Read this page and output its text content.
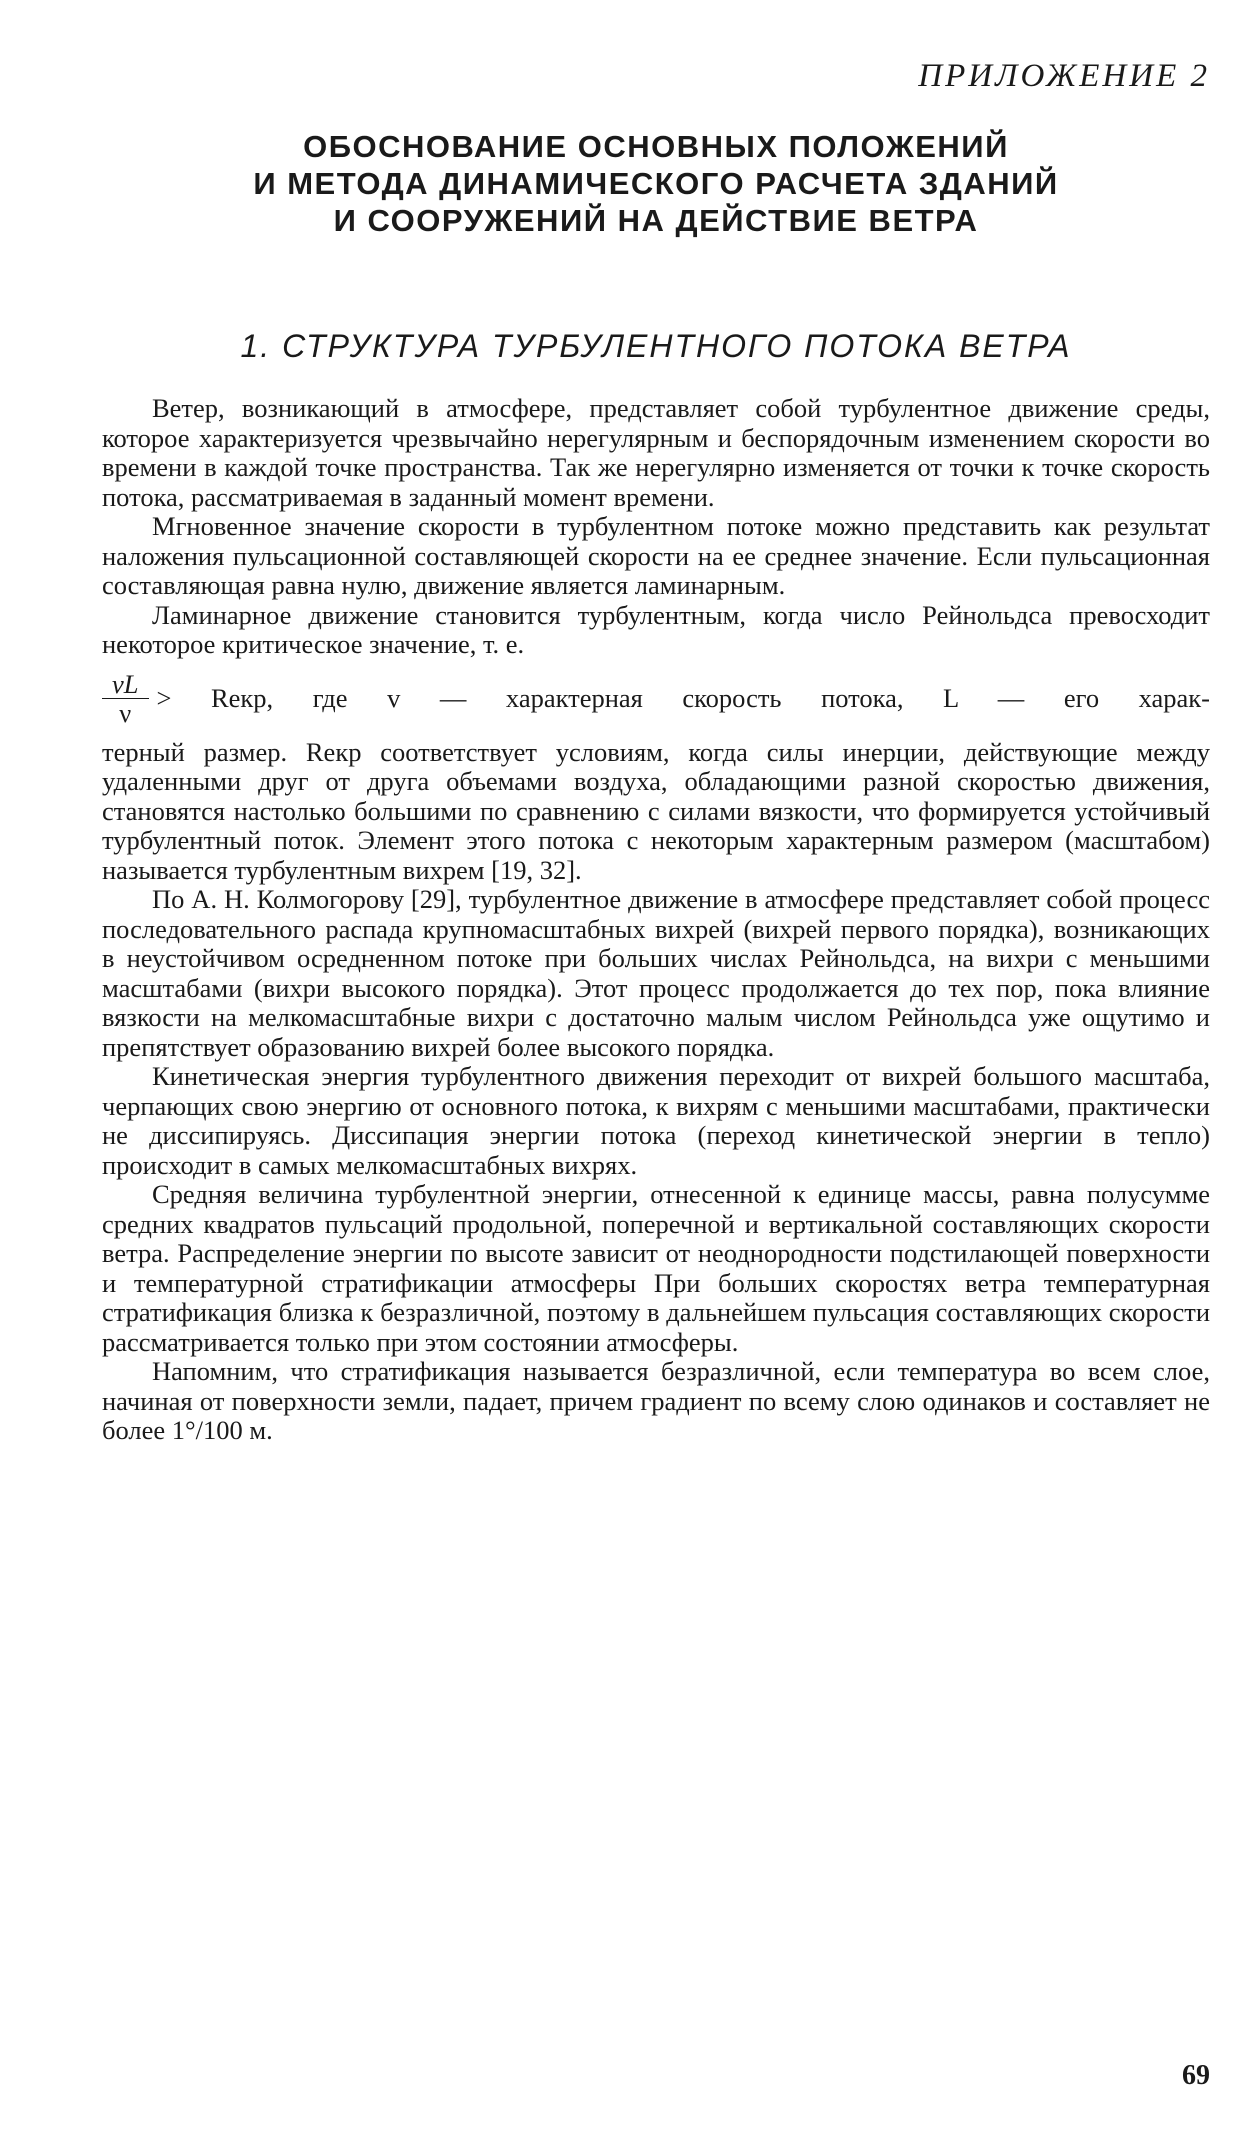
ПРИЛОЖЕНИЕ 2
ОБОСНОВАНИЕ ОСНОВНЫХ ПОЛОЖЕНИЙ
И МЕТОДА ДИНАМИЧЕСКОГО РАСЧЕТА ЗДАНИЙ
И СООРУЖЕНИЙ НА ДЕЙСТВИЕ ВЕТРА
1. СТРУКТУРА ТУРБУЛЕНТНОГО ПОТОКА ВЕТРА

Ветер, возникающий в атмосфере, представляет собой турбулентное движение среды, которое характеризуется чрезвычайно нерегулярным и беспорядочным изменением скорости во времени в каждой точке пространства. Так же нерегулярно изменяется от точки к точке скорость потока, рассматриваемая в заданный момент времени.

Мгновенное значение скорости в турбулентном потоке можно представить как результат наложения пульсационной составляющей скорости на ее среднее значение. Если пульсационная составляющая равна нулю, движение является ламинарным.

Ламинарное движение становится турбулентным, когда число Рейнольдса превосходит некоторое критическое значение, т. е.

$\frac{vL}{\nu}$ > Reкр, где v — характерная скорость потока, L — его харак-

терный размер. Reкр соответствует условиям, когда силы инерции, действующие между удаленными друг от друга объемами воздуха, обладающими разной скоростью движения, становятся настолько большими по сравнению с силами вязкости, что формируется устойчивый турбулентный поток. Элемент этого потока с некоторым характерным размером (масштабом) называется турбулентным вихрем [19, 32].

По А. Н. Колмогорову [29], турбулентное движение в атмосфере представляет собой процесс последовательного распада крупномасштабных вихрей (вихрей первого порядка), возникающих в неустойчивом осредненном потоке при больших числах Рейнольдса, на вихри с меньшими масштабами (вихри высокого порядка). Этот процесс продолжается до тех пор, пока влияние вязкости на мелкомасштабные вихри с достаточно малым числом Рейнольдса уже ощутимо и препятствует образованию вихрей более высокого порядка.

Кинетическая энергия турбулентного движения переходит от вихрей большого масштаба, черпающих свою энергию от основного потока, к вихрям с меньшими масштабами, практически не диссипируясь. Диссипация энергии потока (переход кинетической энергии в тепло) происходит в самых мелкомасштабных вихрях.

Средняя величина турбулентной энергии, отнесенной к единице массы, равна полусумме средних квадратов пульсаций продольной, поперечной и вертикальной составляющих скорости ветра. Распределение энергии по высоте зависит от неоднородности подстилающей поверхности и температурной стратификации атмосферы При больших скоростях ветра температурная стратификация близка к безразличной, поэтому в дальнейшем пульсация составляющих скорости рассматривается только при этом состоянии атмосферы.

Напомним, что стратификация называется безразличной, если температура во всем слое, начиная от поверхности земли, падает, причем градиент по всему слою одинаков и составляет не более 1°/100 м.

69
